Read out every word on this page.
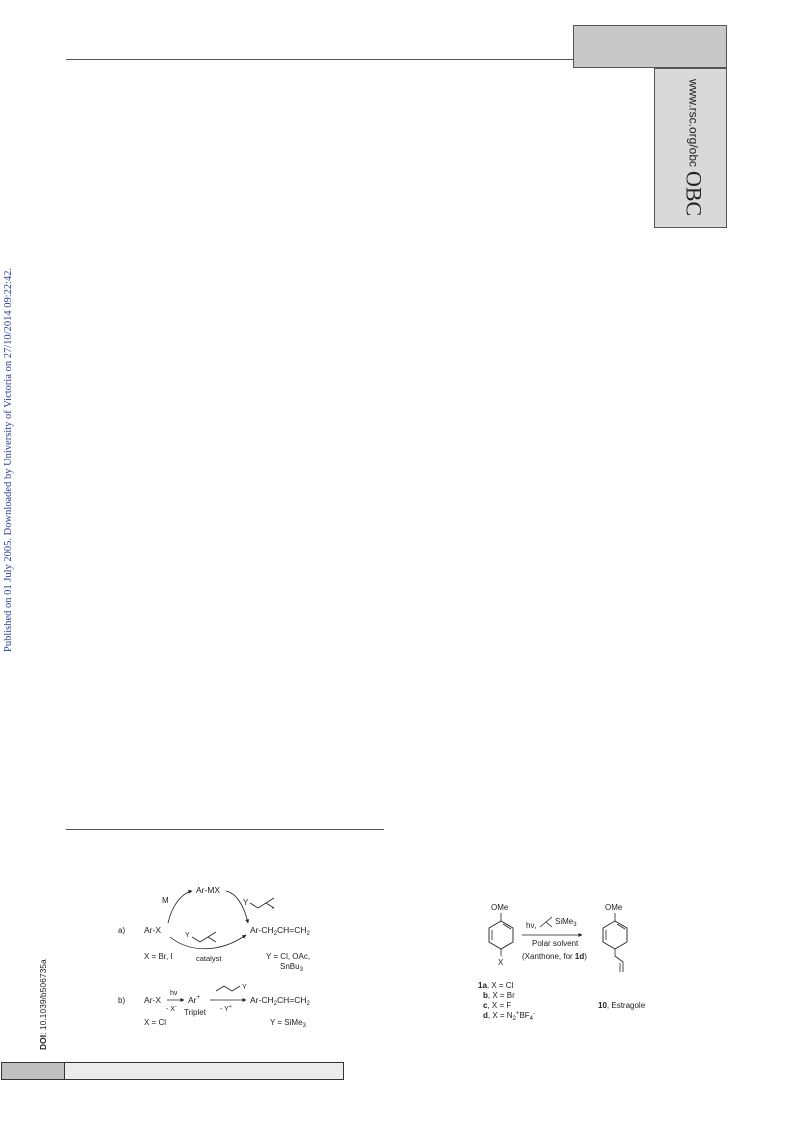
OBC
www.rsc.org/obc
Published on 01 July 2005. Downloaded by University of Victoria on 27/10/2014 09:22:42.
DOI: 10.1039/b506735a
a) Ar-X
M
Ar-MX
Y
$Ar-CH_2CH=CH_2$
Y
catalyst
X = Br, I	Y = Cl, OAc,
SnBu$_3$
b) Ar-X
hν
- X-
Ar+
Triplet
Y
- Y+
$Ar-CH_2CH=CH_2$
X = Cl	Y = SiMe$_3$
OMe
X
hν, SiMe$_3$
Polar solvent
(Xanthone, for 1d)
OMe
1a, X = Cl
b, X = Br
c, X = F
d, $X = N_2^+BF_4^-$
10, Estragole
